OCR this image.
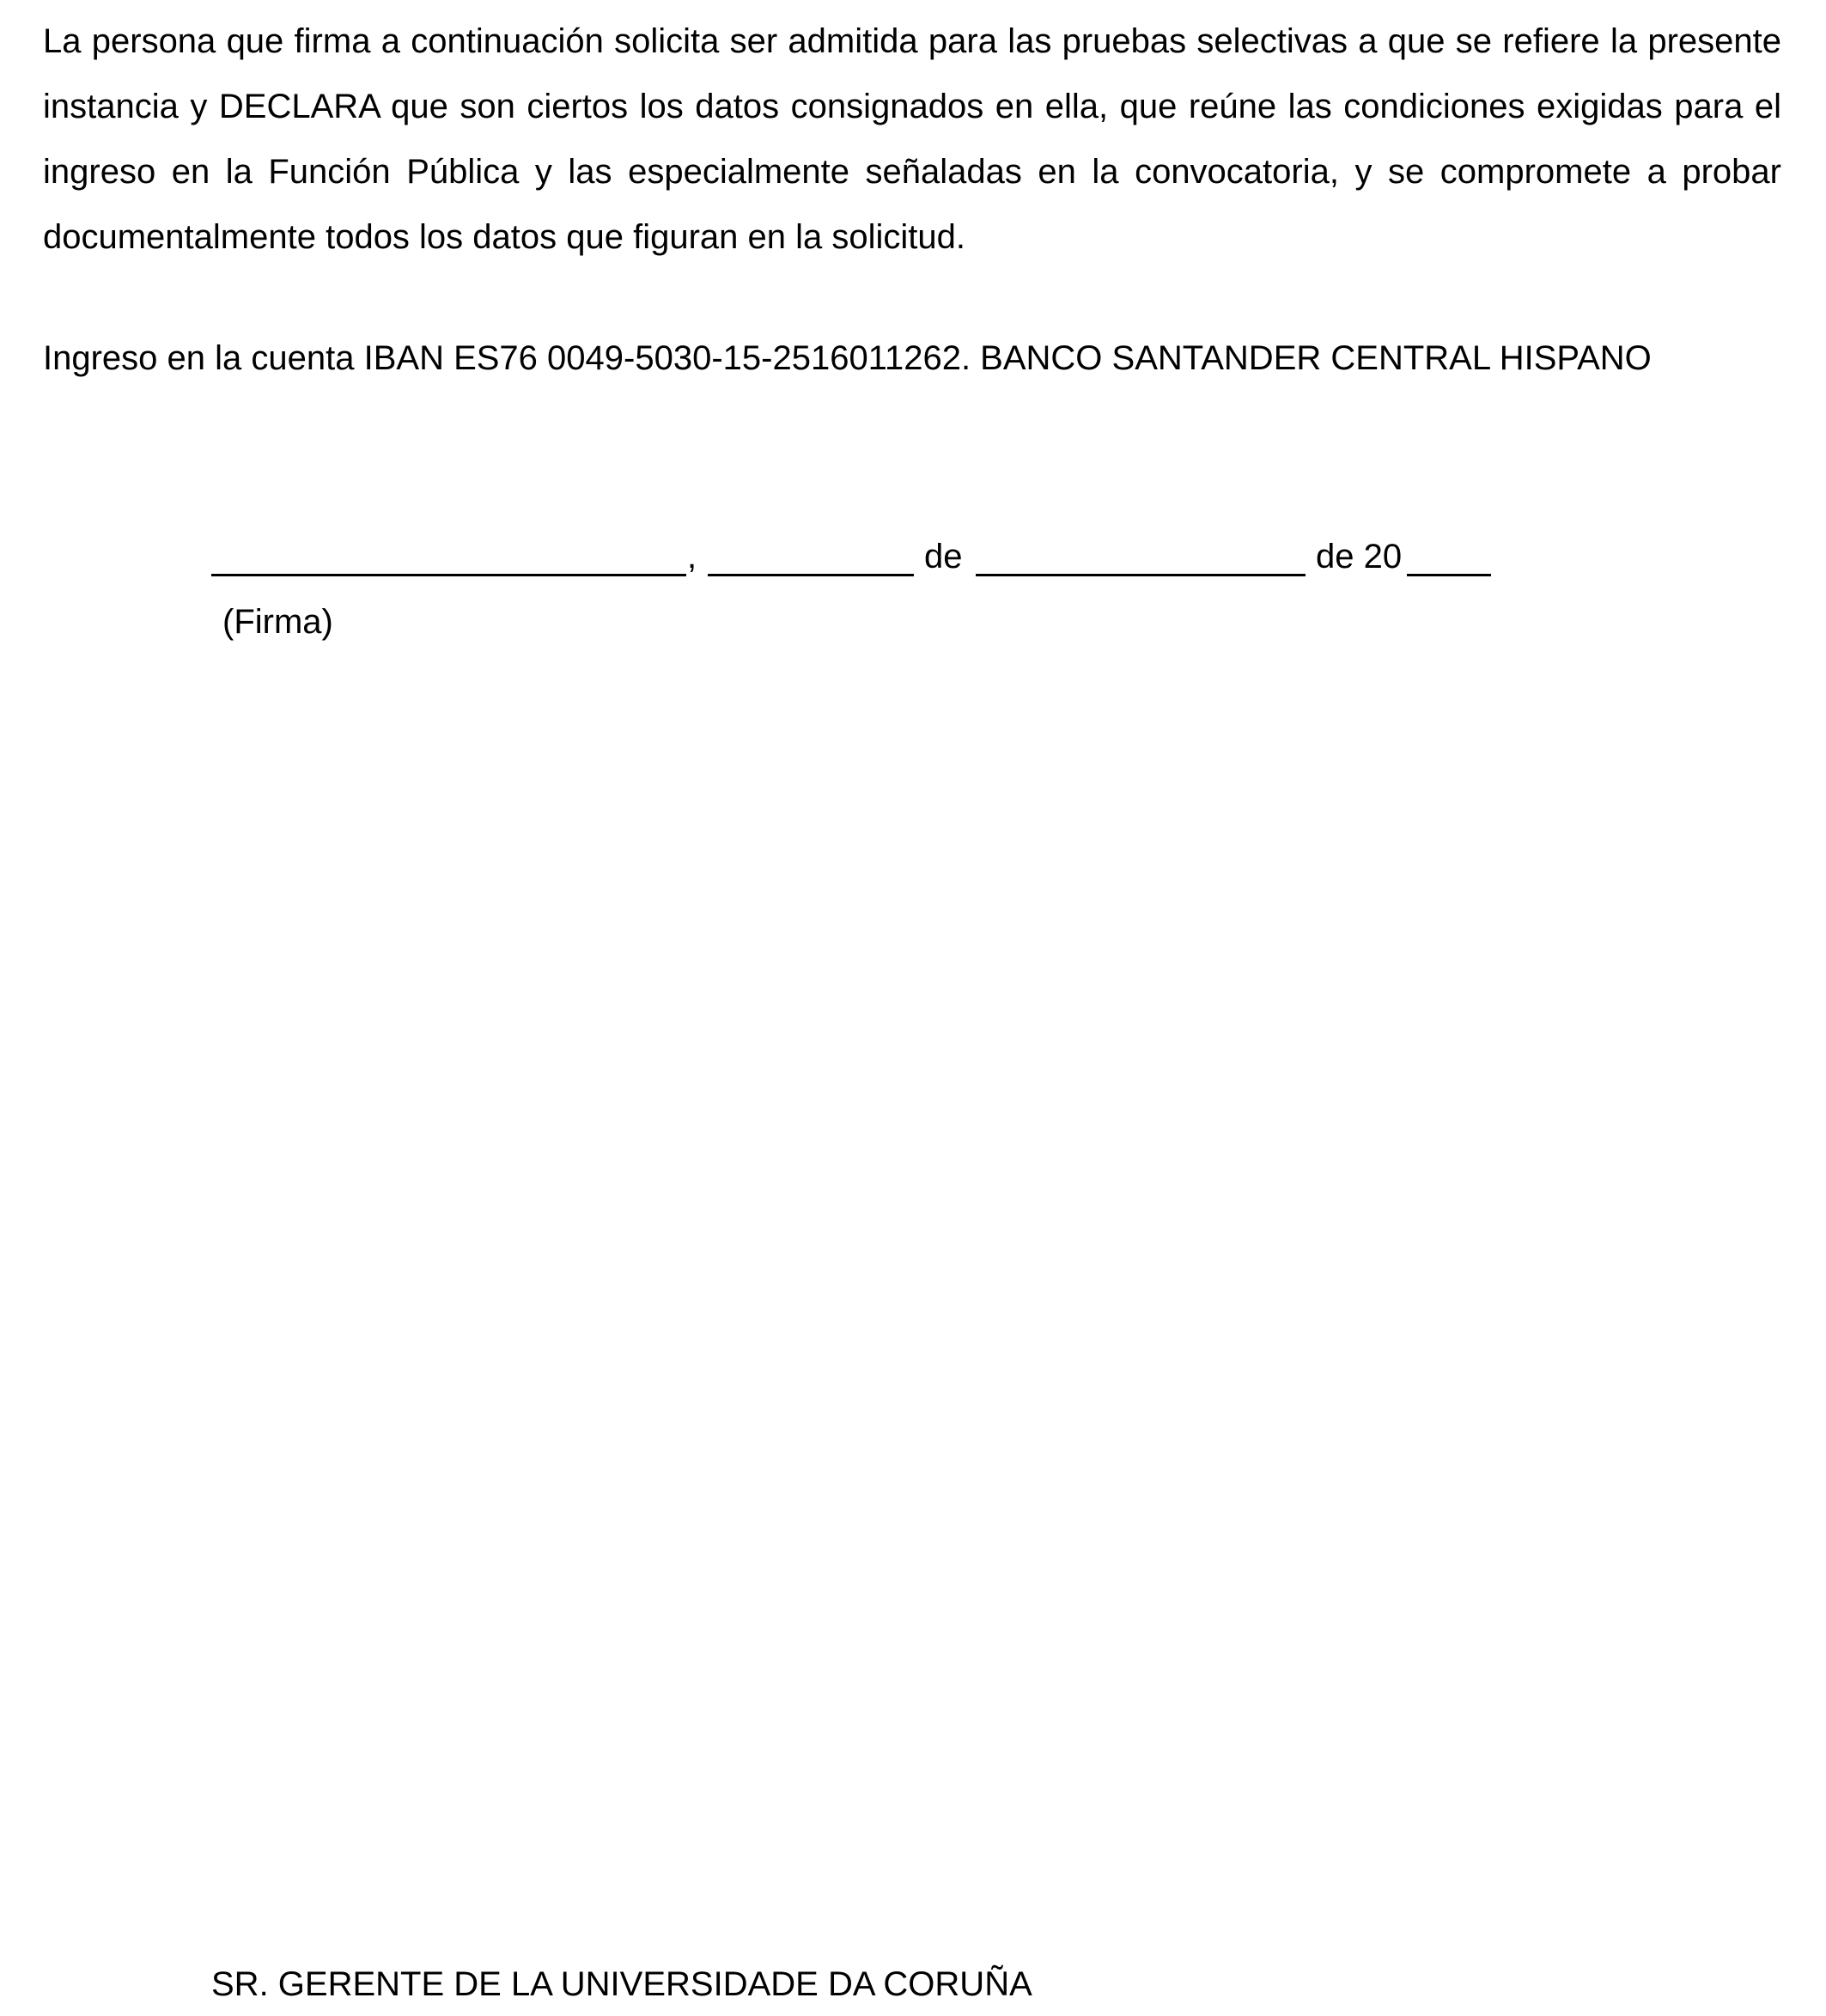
La persona que firma a continuación solicita ser admitida para las pruebas selectivas a que se refiere la presente instancia y DECLARA que son ciertos los datos consignados en ella, que reúne las condiciones exigidas para el ingreso en la Función Pública y las especialmente señaladas en la convocatoria, y se compromete a probar documentalmente todos los datos que figuran en la solicitud.

Ingreso en la cuenta IBAN ES76 0049-5030-15-2516011262. BANCO SANTANDER CENTRAL HISPANO

,	de	de 20
(Firma)
SR. GERENTE DE LA UNIVERSIDADE DA CORUÑA
